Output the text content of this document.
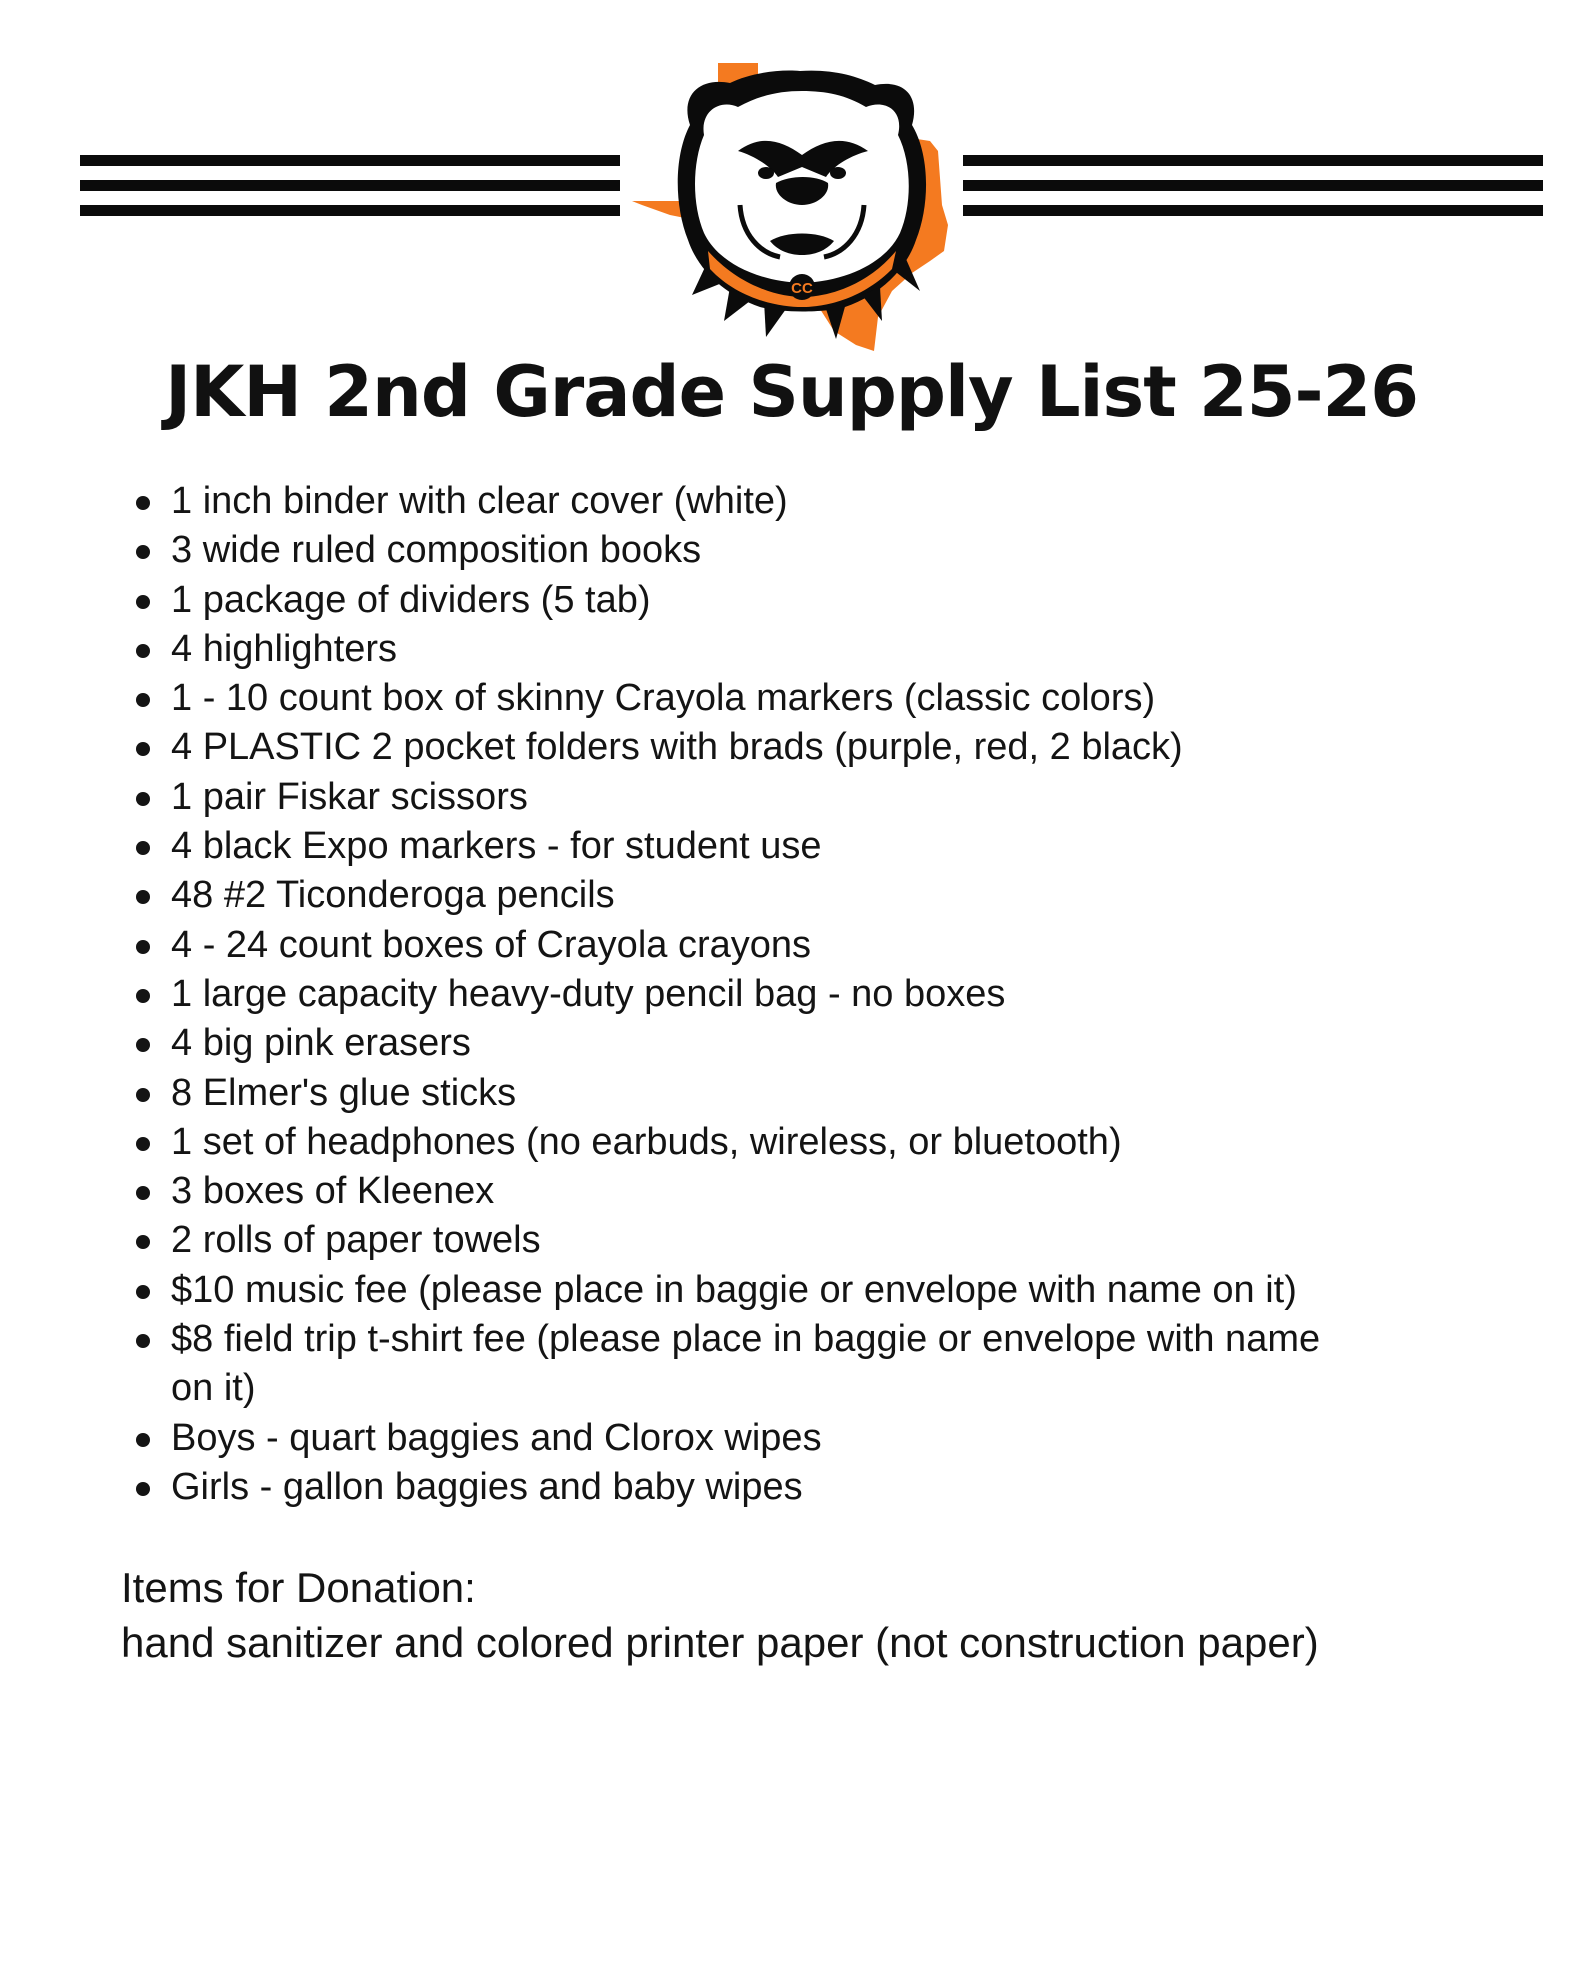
CC
JKH 2nd Grade Supply List 25-26
1 inch binder with clear cover (white)
3 wide ruled composition books
1 package of dividers (5 tab)
4 highlighters
1 - 10 count box of skinny Crayola markers (classic colors)
4 PLASTIC 2 pocket folders with brads (purple, red, 2 black)
1 pair Fiskar scissors
4 black Expo markers - for student use
48 #2 Ticonderoga pencils
4 - 24 count boxes of Crayola crayons
1 large capacity heavy-duty pencil bag - no boxes
4 big pink erasers
8 Elmer's glue sticks
1 set of headphones (no earbuds, wireless, or bluetooth)
3 boxes of Kleenex
2 rolls of paper towels
$10 music fee (please place in baggie or envelope with name on it)
$8 field trip t-shirt fee (please place in baggie or envelope with name on it)
Boys - quart baggies and Clorox wipes
Girls - gallon baggies and baby wipes
Items for Donation:
hand sanitizer and colored printer paper (not construction paper)
